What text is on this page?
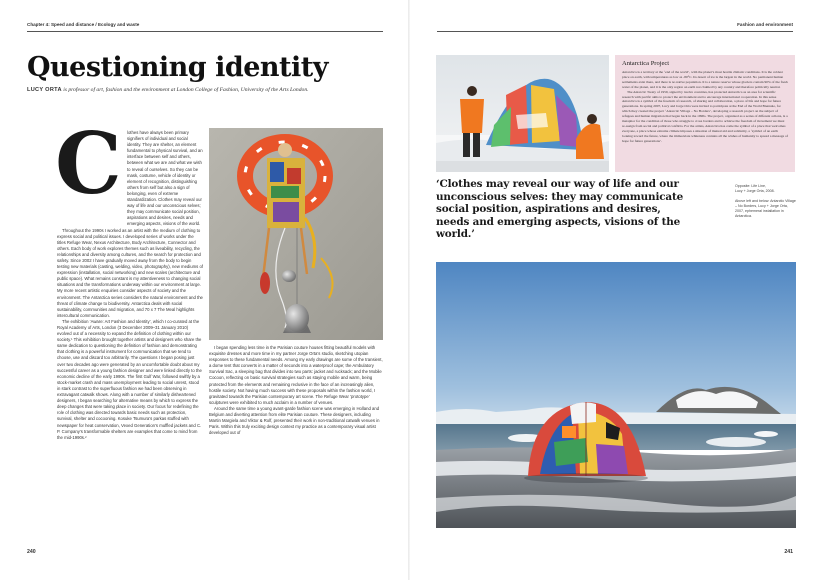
Chapter 4: Speed and distance / Ecology and waste
Questioning identity
LUCY ORTA is professor of art, fashion and the environment at London College of Fashion, University of the Arts London.
C	lothes have always been primary signifiers of individual and social identity. They are shelter, an element fundamental to physical survival, and an interface between self and others, between what we are and what we wish to reveal of ourselves. So they can be mask, costume, vehicle of identity or element of recognition, distinguishing others from self but also a sign of belonging, even of extreme standardization. Clothes may reveal our way of life and our unconscious selves; they may communicate social position, aspirations and desires, needs and emerging aspects, visions of the world.

Throughout the 1990s I worked as an artist with the medium of clothing to express social and political issues. I developed series of works under the titles Refuge Wear, Nexus Architecture, Body Architecture, Connector and others. Each body of work explores themes such as liveability, recycling, the relationships and diversity among cultures, and the search for protection and safety. Since 2002 I have gradually moved away from the body to begin testing new materials (casting, welding, video, photography), new mediums of expression (installation, social networking) and new scales (architecture and public space). What remains constant is my attentiveness to changing social situations and the transformations underway within our environment at large. My more recent artistic enquiries consider aspects of society and the environment. The Antarctica series considers the natural environment and the threat of climate change to biodiversity. Antarctica deals with social sustainability, communities and migration, and 70 x 7 The Meal highlights intercultural communication.

The exhibition ‘Aware: Art Fashion and Identity’, which I co-curated at the Royal Academy of Arts, London (3 December 2009–31 January 2010) evolved out of a necessity to expand the definition of clothing within our society.¹ This exhibition brought together artists and designers who share the same dedication to questioning the definition of fashion and demonstrating that clothing is a powerful instrument for communication that we tend to choose, use and discard too arbitrarily. The questions I began posing just over two decades ago were generated by an uncomfortable doubt about my successful career as a young fashion designer and were linked directly to the economic decline of the early 1990s. The first Gulf War, followed swiftly by a stock-market crash and mass unemployment leading to social unrest, stood in stark contrast to the superfluous fashion we had been observing in extravagant catwalk shows. Along with a number of similarly disheartened designers, I began searching for alternative means by which to express the deep changes that were taking place in society. Our focus for redefining the role of clothing was directed towards basic needs such as protection, survival, shelter and cocooning. Kosuke Tsumura’s parkas stuffed with newspaper for heat conservation, Vexed Generation’s muffled jackets and C. P. Company’s transformable shelters are examples that come to mind from the mid-1990s.²

I began spending less time in the Parisian couture houses fitting beautiful models with exquisite dresses and more time in my partner Jorge Orta’s studio, sketching utopian responses to these fundamental needs. Among my early drawings are some of the transient, a dome tent that converts in a matter of seconds into a waterproof cape; the Ambulatory Survival Sac, a sleeping bag that divides into two parts: jacket and rucksack; and the Mobile Cocoon, reflecting on basic survival strategies such as staying mobile and warm, being protected from the elements and remaining reclusive in the face of an increasingly alien, hostile society. Not having much success with these proposals within the fashion world, I gravitated towards the Parisian contemporary art scene. The Refuge Wear ‘prototype’ sculptures were exhibited to much acclaim in a number of venues.

Around the same time a young avant-garde fashion scene was emerging in Holland and Belgium and diverting attention from elite Parisian couture. These designers, including Martin Margiela and Viktor & Rolf, presented their work in non-traditional catwalk venues in Paris. Within this truly exciting design context my practice as a contemporary visual artist developed out of

240
Fashion and environment
241
Antarctica Project

Antarctica is a territory at the ‘end of the world’, with the planet’s most hostile climatic conditions. It is the coldest place on earth, with temperatures as low as -80°C. Its desert of ice is the largest in the world. No permanent human settlements exist there, and there is no native population. It is a nature reserve whose glaciers contain 90% of the fresh water of the planet, and it is the only region on earth not claimed by any country and therefore politically neutral.

The Antarctic Treaty of 1959, signed by twelve countries, has protected Antarctica as an area for scientific research with pacific aims to protect the environment and to encourage international cooperation. In this sense Antarctica is a symbol of the freedom of research, of sharing and collaboration, a place of life and hope for future generations. In spring 2007, Lucy and Jorge Orta were invited to participate at the End of the World Biennale, for which they created the project ‘Antarctic Village – No Borders’, developing a research project on the subject of refugees and human migration that began back in the 1990s. The project, organized as a series of different actions, is a metaphor for the condition of those who struggle to cross borders and to achieve the freedom of movement we must re-assign from social and political conflicts. For the artists, Antarctica has come the symbol of a place that welcomes everyone, a place whose extreme climate imposes a situation of mutual aid and solidarity, a ‘symbol of an earth looking toward the future, where the immaculate whiteness contains all the wishes of humanity to spread a message of hope for future generations’.

‘Clothes may reveal our way of life and our unconscious selves: they may communicate social position, aspirations and desires, needs and emerging aspects, visions of the world.’
Opposite: Life Line,
Lucy + Jorge Orta, 2008.
Above left and below: Antarctic Village – No Borders, Lucy + Jorge Orta, 2007, ephemeral installation in Antarctica.
